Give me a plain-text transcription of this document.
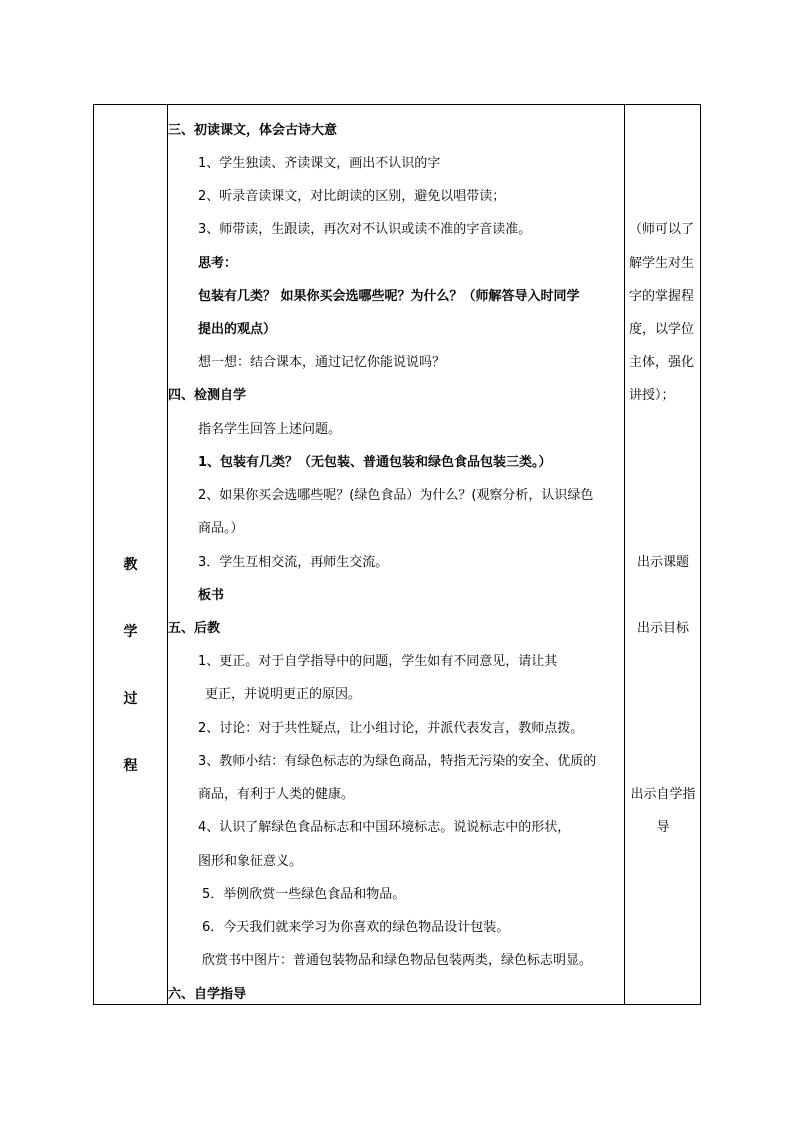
教
学
过
程
三、初读课文，体会古诗大意
1、学生独读、齐读课文，画出不认识的字
2、听录音读课文，对比朗读的区别，避免以唱带读；
3、师带读，生跟读，再次对不认识或读不准的字音读准。
思考：
包装有几类？ 如果你买会选哪些呢？为什么？（师解答导入时同学
提出的观点）
想一想：结合课本，通过记忆你能说说吗？
四、检测自学
指名学生回答上述问题。
1、包装有几类？（无包装、普通包装和绿色食品包装三类。）
2、如果你买会选哪些呢？(绿色食品）为什么？(观察分析，认识绿色
商品。）
3．学生互相交流，再师生交流。
板书
五、后教
1、更正。对于自学指导中的问题，学生如有不同意见，请让其
更正，并说明更正的原因。
2、讨论：对于共性疑点，让小组讨论，并派代表发言，教师点拨。
3、教师小结：有绿色标志的为绿色商品，特指无污染的安全、优质的
商品，有利于人类的健康。
4、认识了解绿色食品标志和中国环境标志。说说标志中的形状，
图形和象征意义。
5．举例欣赏一些绿色食品和物品。
6．今天我们就来学习为你喜欢的绿色物品设计包装。
欣赏书中图片：普通包装物品和绿色物品包装两类，绿色标志明显。
六、自学指导
（师可以了
解学生对生
字的掌握程
度，以学位
主体，强化
讲授）；
出示课题
出示目标
出示自学指
导
